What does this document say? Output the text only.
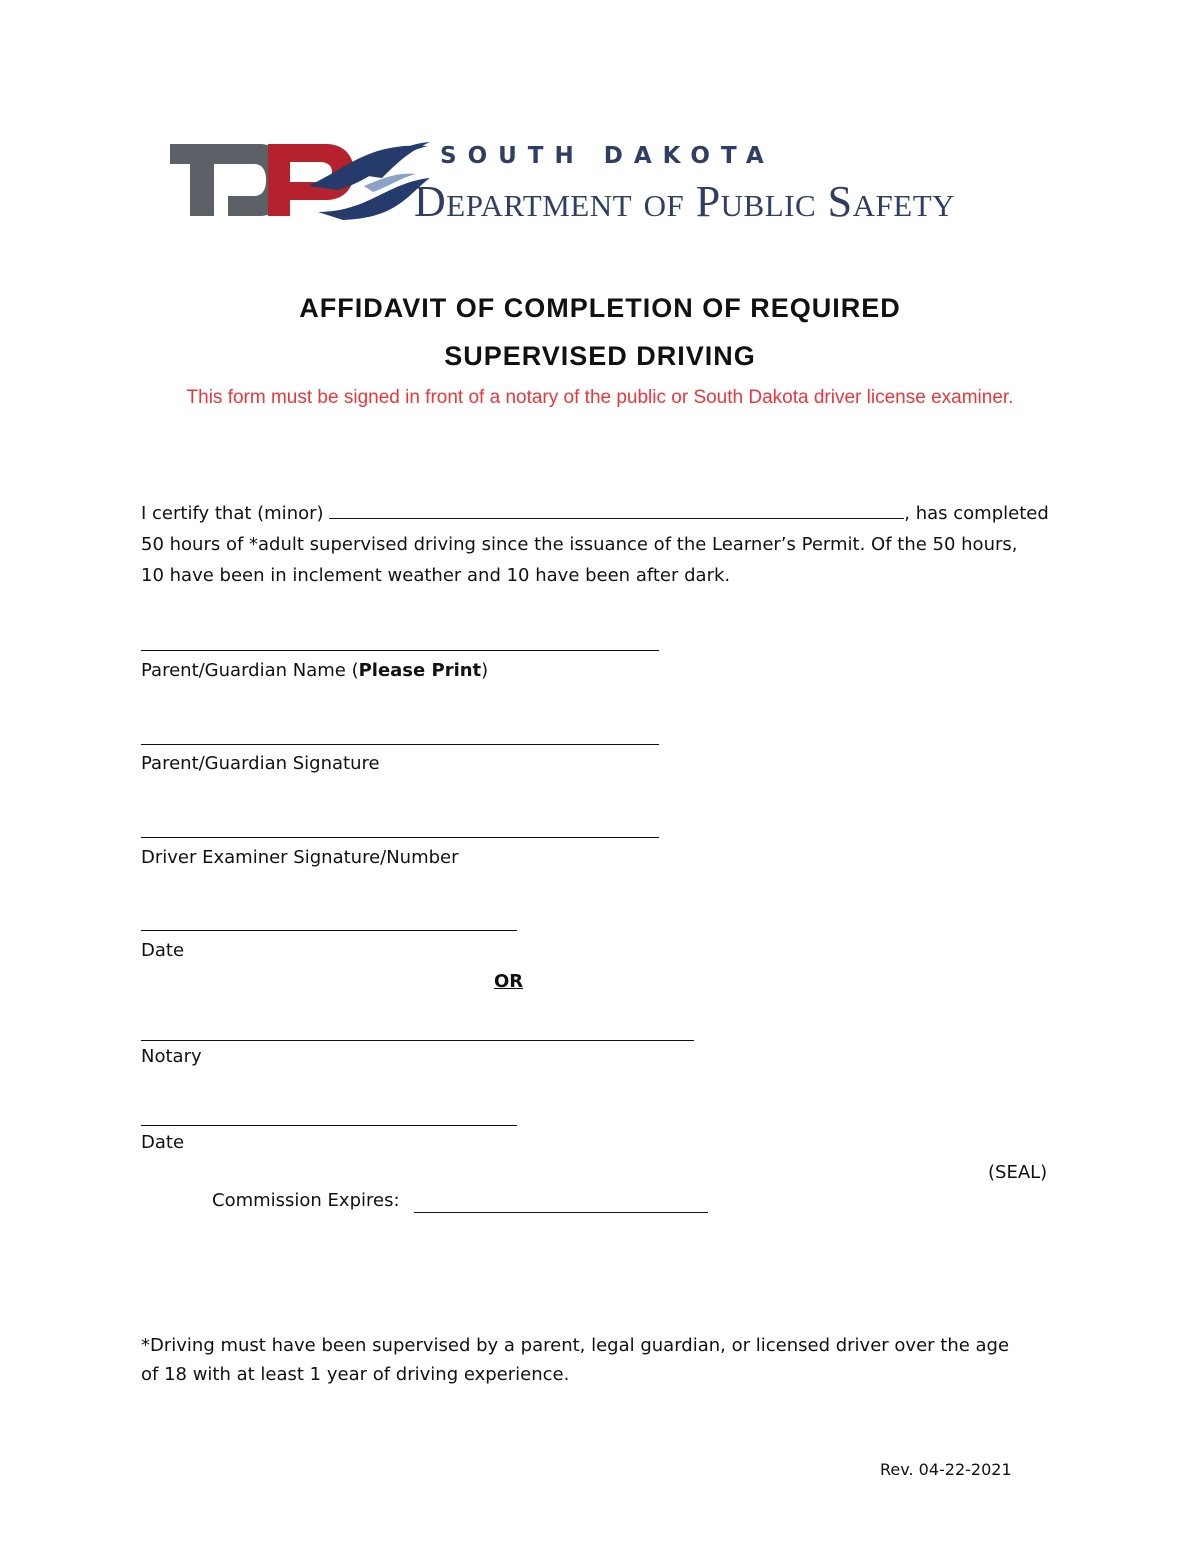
SOUTH DAKOTA
Department of Public Safety
AFFIDAVIT OF COMPLETION OF REQUIRED
SUPERVISED DRIVING
This form must be signed in front of a notary of the public or South Dakota driver license examiner.
I certify that (minor)	, has completed
50 hours of *adult supervised driving since the issuance of the Learner’s Permit. Of the 50 hours,
10 have been in inclement weather and 10 have been after dark.
Parent/Guardian Name (Please Print)
Parent/Guardian Signature
Driver Examiner Signature/Number
Date
OR
Notary
Date
(SEAL)
Commission Expires:
*Driving must have been supervised by a parent, legal guardian, or licensed driver over the age
of 18 with at least 1 year of driving experience.
Rev. 04-22-2021
